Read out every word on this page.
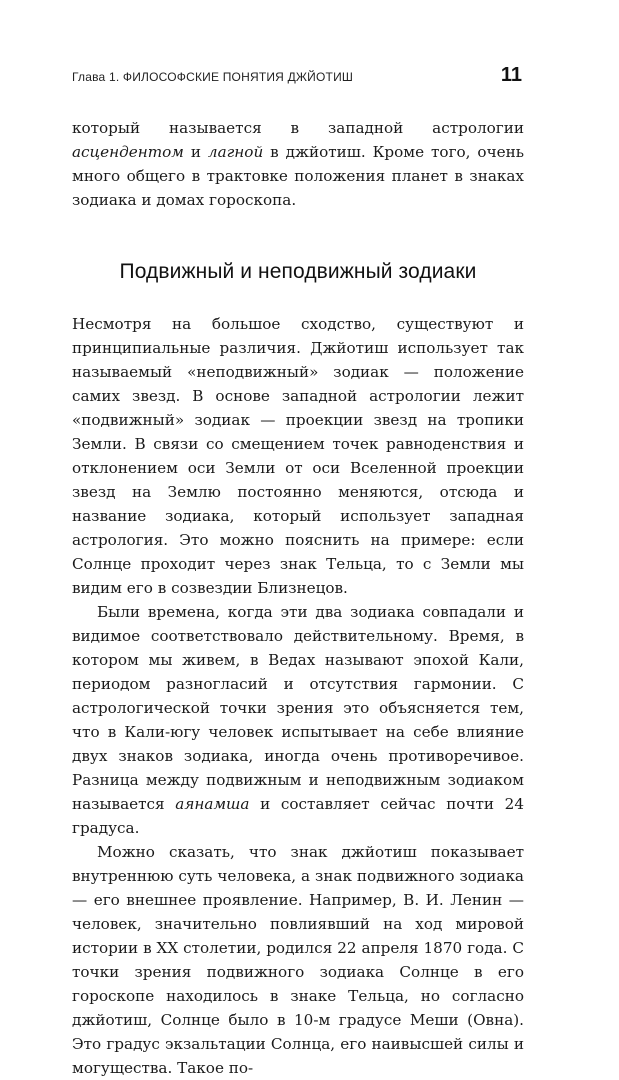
Глава 1. ФИЛОСОФСКИЕ ПОНЯТИЯ ДЖЙОТИШ	11

который называется в западной астрологии асцендентом и лагной в джйотиш. Кроме того, очень много общего в трактовке положения планет в знаках зодиака и домах гороскопа.

Подвижный и неподвижный зодиаки

Несмотря на большое сходство, существуют и принципиальные различия. Джйотиш использует так называемый «неподвижный» зодиак — положение самих звезд. В основе западной астрологии лежит «подвижный» зодиак — проекции звезд на тропики Земли. В связи со смещением точек равноденствия и отклонением оси Земли от оси Вселенной проекции звезд на Землю постоянно меняются, отсюда и название зодиака, который использует западная астрология. Это можно пояснить на примере: если Солнце проходит через знак Тельца, то с Земли мы видим его в созвездии Близнецов.

Были времена, когда эти два зодиака совпадали и видимое соответствовало действительному. Время, в котором мы живем, в Ведах называют эпохой Кали, периодом разногласий и отсутствия гармонии. С астрологической точки зрения это объясняется тем, что в Кали-югу человек испытывает на себе влияние двух знаков зодиака, иногда очень противоречивое. Разница между подвижным и неподвижным зодиаком называется аянамша и составляет сейчас почти 24 градуса.

Можно сказать, что знак джйотиш показывает внутреннюю суть человека, а знак подвижного зодиака — его внешнее проявление. Например, В. И. Ленин — человек, значительно повлиявший на ход мировой истории в XX столетии, родился 22 апреля 1870 года. С точки зрения подвижного зодиака Солнце в его гороскопе находилось в знаке Тельца, но согласно джйотиш, Солнце было в 10-м градусе Меши (Овна). Это градус экзальтации Солнца, его наивысшей силы и могущества. Такое по-
